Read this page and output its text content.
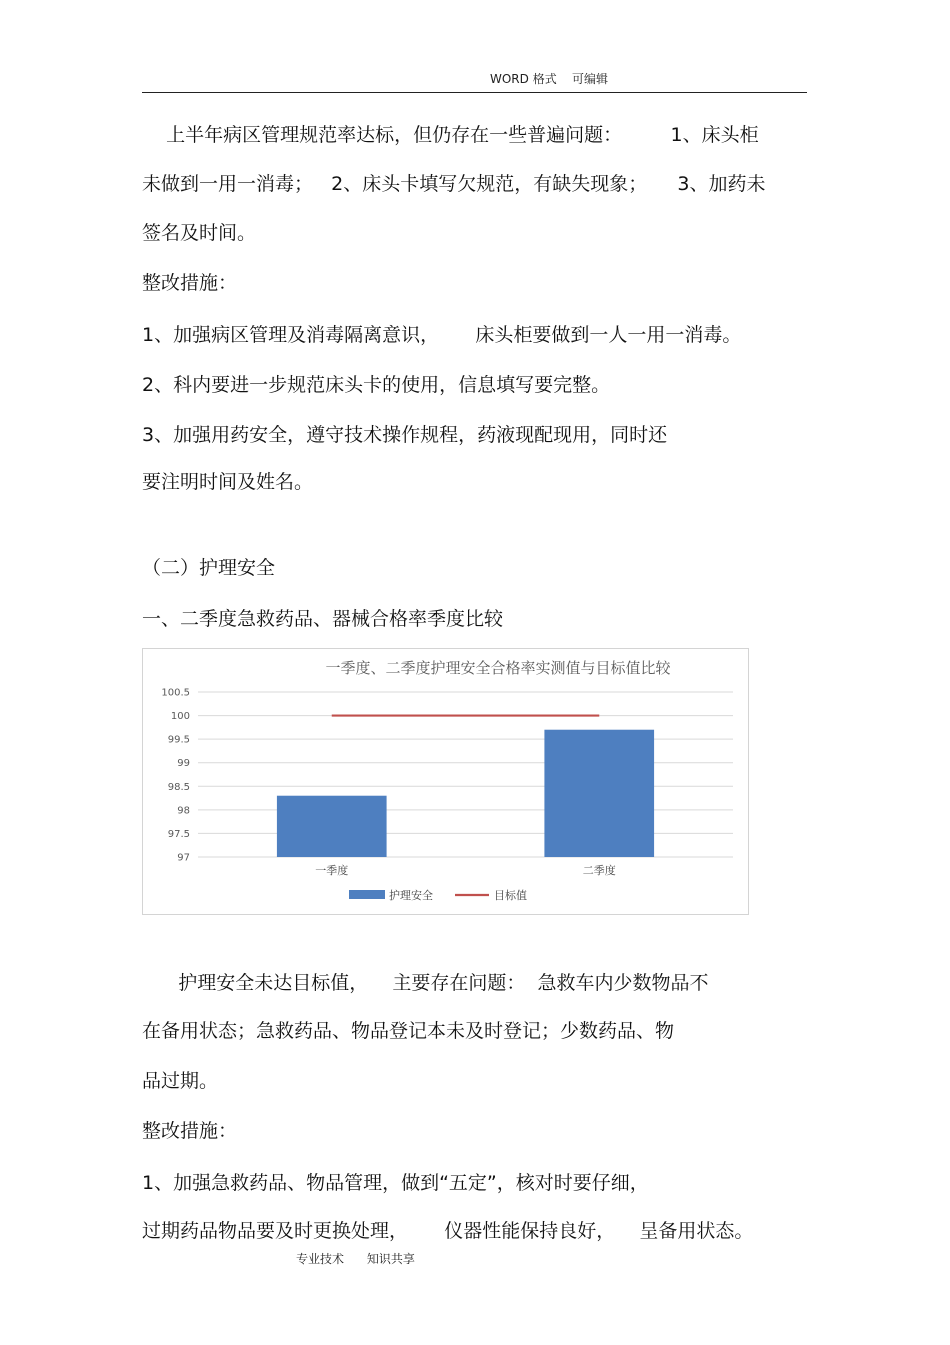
WORD 格式    可编辑
上半年病区管理规范率达标，但仍存在一些普遍问题：        1、床头柜
未做到一用一消毒；   2、床头卡填写欠规范，有缺失现象；     3、加药未
签名及时间。
整改措施：
1、加强病区管理及消毒隔离意识，      床头柜要做到一人一用一消毒。
2、科内要进一步规范床头卡的使用，信息填写要完整。
3、加强用药安全，遵守技术操作规程，药液现配现用，同时还
要注明时间及姓名。
（二）护理安全
一、二季度急救药品、器械合格率季度比较
一季度、二季度护理安全合格率实测值与目标值比较
97
97.5
98
98.5
99
99.5
100
100.5
一季度	二季度
护理安全	目标值
护理安全未达目标值，    主要存在问题：  急救车内少数物品不
在备用状态；急救药品、物品登记本未及时登记；少数药品、物
品过期。
整改措施：
1、加强急救药品、物品管理，做到“五定”，核对时要仔细，
过期药品物品要及时更换处理，      仪器性能保持良好，    呈备用状态。
专业技术      知识共享
